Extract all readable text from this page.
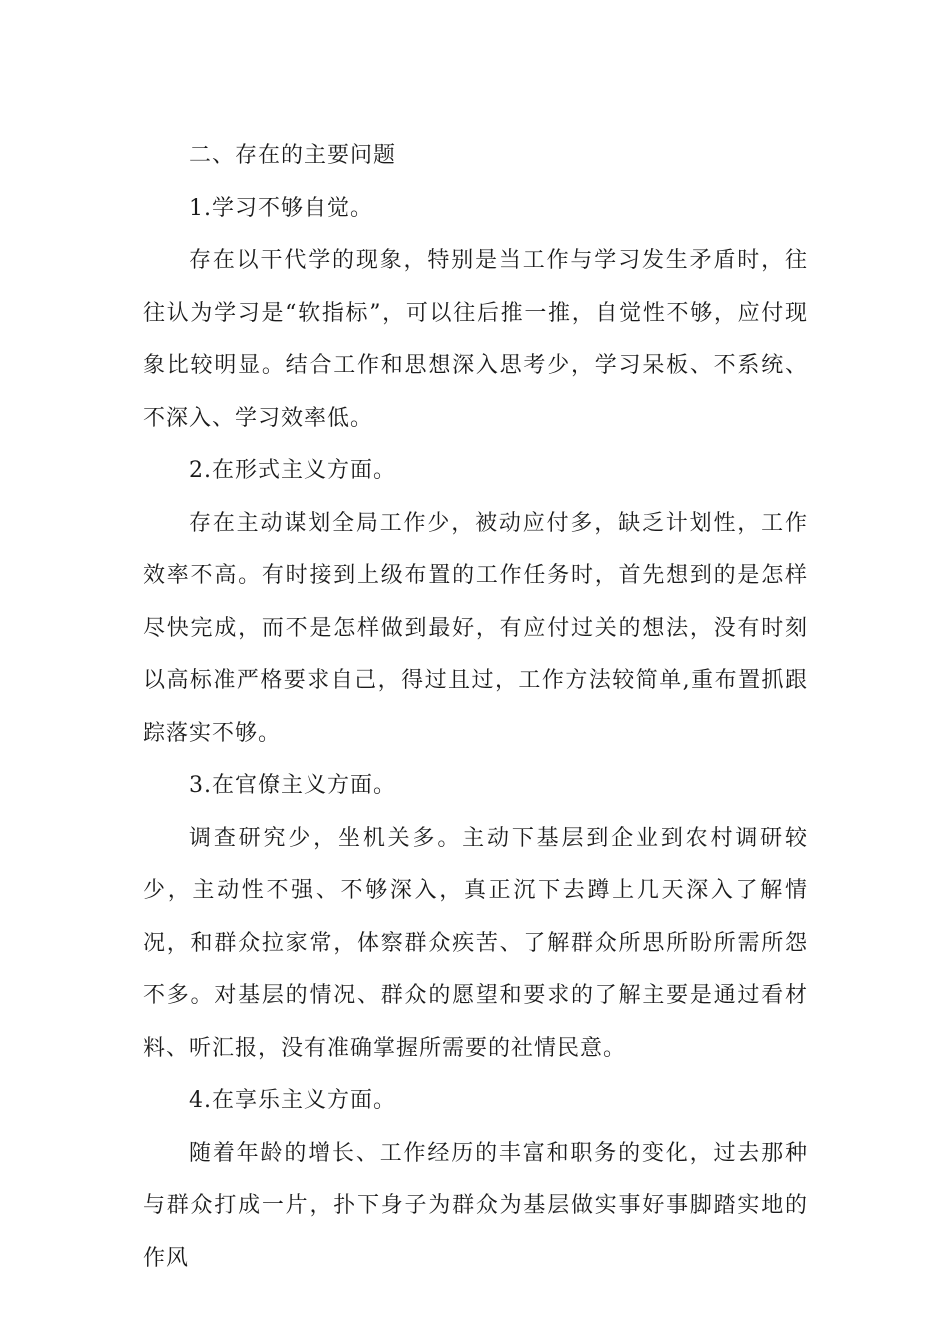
二、存在的主要问题

1.学习不够自觉。

存在以干代学的现象，特别是当工作与学习发生矛盾时，往往认为学习是“软指标”，可以往后推一推，自觉性不够，应付现象比较明显。结合工作和思想深入思考少，学习呆板、不系统、不深入、学习效率低。

2.在形式主义方面。

存在主动谋划全局工作少，被动应付多，缺乏计划性，工作效率不高。有时接到上级布置的工作任务时，首先想到的是怎样尽快完成，而不是怎样做到最好，有应付过关的想法，没有时刻以高标准严格要求自己，得过且过，工作方法较简单,重布置抓跟踪落实不够。

3.在官僚主义方面。

调查研究少，坐机关多。主动下基层到企业到农村调研较少，主动性不强、不够深入，真正沉下去蹲上几天深入了解情况，和群众拉家常，体察群众疾苦、了解群众所思所盼所需所怨不多。对基层的情况、群众的愿望和要求的了解主要是通过看材料、听汇报，没有准确掌握所需要的社情民意。

4.在享乐主义方面。

随着年龄的增长、工作经历的丰富和职务的变化，过去那种与群众打成一片，扑下身子为群众为基层做实事好事脚踏实地的作风
